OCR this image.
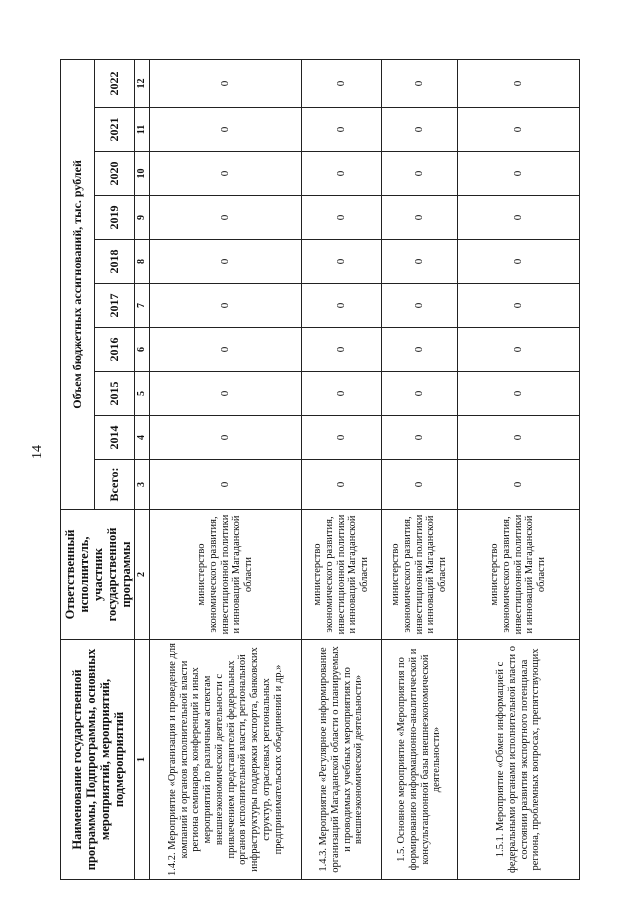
14
Наименование государственной программы, Подпрограммы, основных мероприятий, мероприятий, подмероприятий	Ответственный исполнитель, участник государственной программы	Объем бюджетных ассигнований, тыс. рублей									
		Всего:	2014	2015	2016	2017	2018	2019	2020	2021	2022
1	2	3	4	5	6	7	8	9	10	11	12
1.4.2. Мероприятие «Организация и проведение для компаний и органов исполнительной власти региона семинаров, конференций и иных мероприятий по различным аспектам внешнеэкономической деятельности с привлечением представителей федеральных органов исполнительной власти, региональной инфраструктуры поддержки экспорта, банковских структур, отраслевых региональных предпринимательских объединений и др.»	министерство экономического развития, инвестиционной политики и инноваций Магаданской области	0	0	0	0	0	0	0	0	0	0
1.4.3. Мероприятие «Регулярное информирование организаций Магаданской области о планируемых и проводимых учебных мероприятиях по внешнеэкономической деятельности»	министерство экономического развития, инвестиционной политики и инноваций Магаданской области	0	0	0	0	0	0	0	0	0	0
1.5. Основное мероприятие «Мероприятия по формированию информационно-аналитической и консультационной базы внешнеэкономической деятельности»	министерство экономического развития, инвестиционной политики и инноваций Магаданской области	0	0	0	0	0	0	0	0	0	0
1.5.1. Мероприятие «Обмен информацией с федеральными органами исполнительной власти о состоянии развития экспортного потенциала региона, проблемных вопросах, препятствующих	министерство экономического развития, инвестиционной политики и инноваций Магаданской области	0	0	0	0	0	0	0	0	0	0
